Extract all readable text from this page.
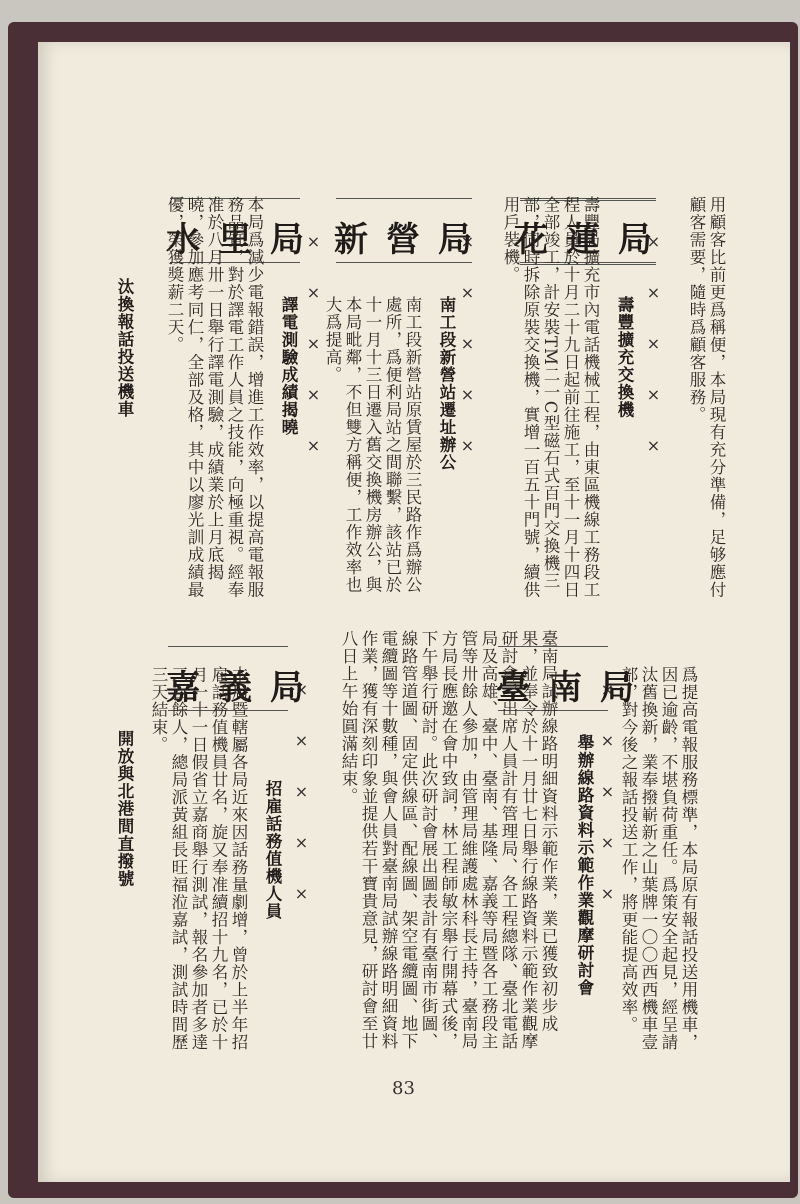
用顧客比前更爲稱便，本局現有充分準備，足够應付顧客需要，隨時爲顧客服務。
×××××
花蓮局
壽豐擴充交換機
壽豐局擴充市內電話機械工程，由東區機線工務段工程人員於十月二十九日起前往施工，至十一月十四日全部竣工，計安裝TM二一C型磁石式百門交換機三部，同時拆除原裝交換機，實增一百五十門號，續供用戶裝機。
×××××
新營局
南工段新營站遷址辦公
南工段新營站原賃屋於三民路作爲辦公處所，爲便利局站之間聯繫，該站已於十一月十三日遷入舊交換機房辦公，與本局毗鄰，不但雙方稱便，工作效率也大爲提高。
×××××
水里局
譯電測驗成績揭曉
本局爲減少電報錯誤，增進工作效率，以提高電報服務品質，對於譯電工作人員之技能，向極重視。經奉准於八月卅一日舉行譯電測驗，成績業於上月底揭曉，參加應考同仁，全部及格，其中以廖光訓成績最優，榮獲獎薪二天。
汰換報話投送機車
爲提高電報服務標準，本局原有報話投送用機車，因已逾齡，不堪負荷重任。爲策安全起見，經呈請汰舊換新，業奉撥嶄新之山葉牌一〇〇西西機車壹部，對今後之報話投送工作，將更能提高效率。
×××××
臺南局
舉辦線路資料示範作業觀摩研討會
臺南局試辦線路明細資料示範作業，業已獲致初步成果，並奉令於十一月廿七日舉行線路資料示範作業觀摩研討會，出席人員計有管理局、各工程總隊、臺北電話局及高雄、臺中、臺南、基隆、嘉義等局暨各工務段主管等卅餘人參加，由管理局維護處林科長主持，臺南局方局長應邀在會中致詞，林工程師敏宗舉行開幕式後，下午舉行研討。此次研討會展出圖表計有臺南市街圖、線路管道圖、固定供線區、配線圖、架空電纜圖、地下電纜圖等十數種，與會人員對臺南局試辦線路明細資料作業，獲有深刻印象並提供若干寶貴意見，研討會至廿八日上午始圓滿結束。
×××××
嘉義局
招雇話務值機人員
本局暨轄屬各局近來因話務量劇增，曾於上半年招雇話務值機員廿名，旋又奉准續招十九名，已於十月一十一日假省立嘉商舉行測試，報名參加者多達三百餘人，總局派黃組長旺福涖嘉試，測試時間歷三天結束。
開放與北港間直撥號
83
